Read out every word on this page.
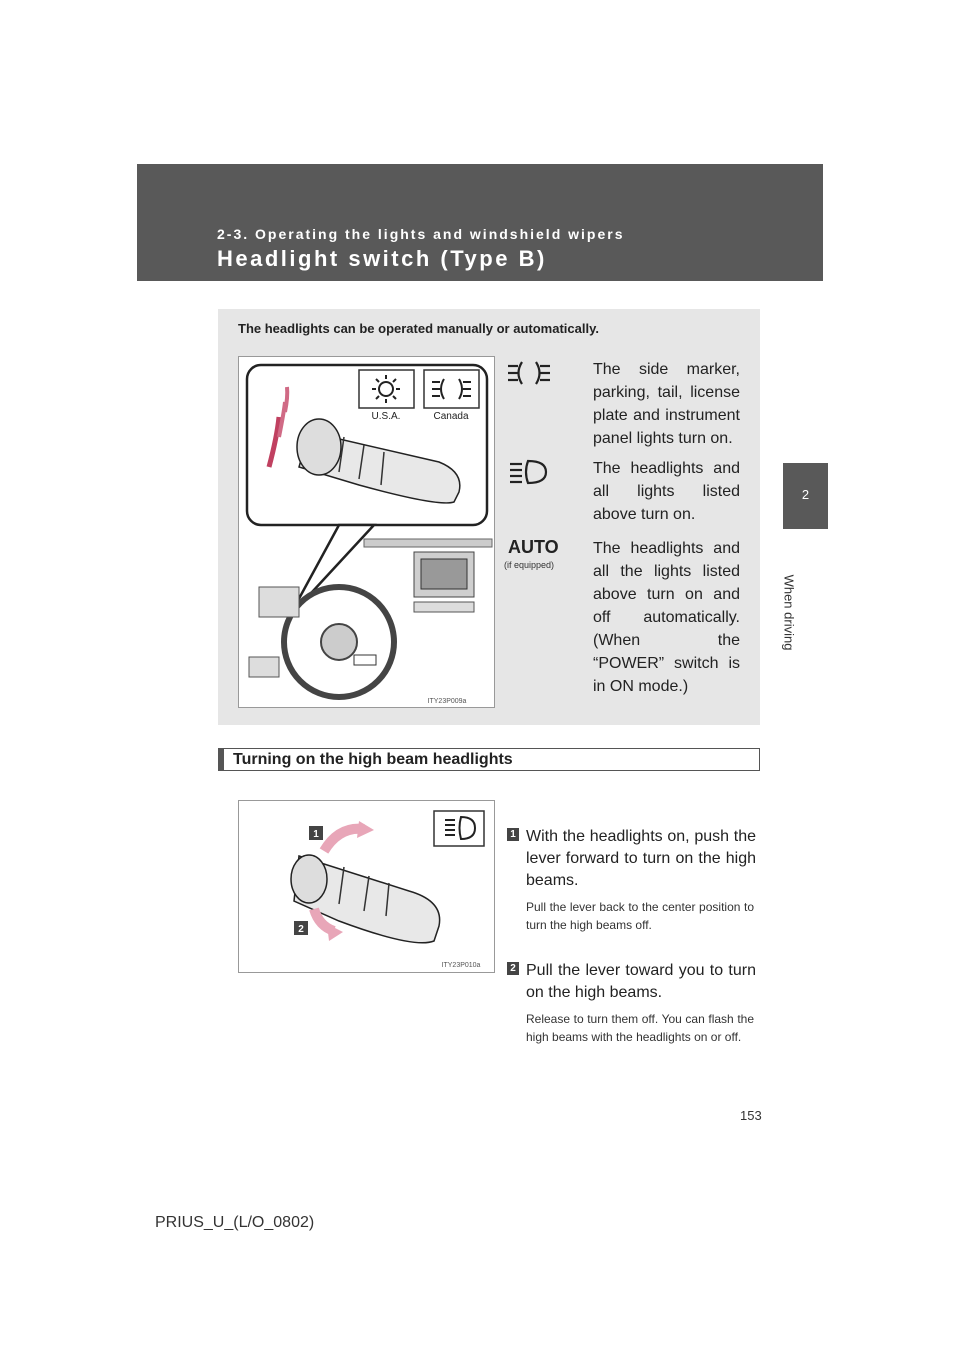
2-3. Operating the lights and windshield wipers
Headlight switch (Type B)
2
When driving
The headlights can be operated manually or automatically.
U.S.A.	Canada
ITY23P009a
The side marker, parking, tail, license plate and instrument panel lights turn on.
The headlights and all lights listed above turn on.
AUTO
(if equipped)
The headlights and all the lights listed above turn on and off automatically. (When the “POWER” switch is in ON mode.)
Turning on the high beam headlights
1
2
ITY23P010a
1 With the headlights on, push the lever forward to turn on the high beams.
Pull the lever back to the center position to turn the high beams off.
2 Pull the lever toward you to turn on the high beams.
Release to turn them off. You can flash the high beams with the headlights on or off.
153
PRIUS_U_(L/O_0802)
